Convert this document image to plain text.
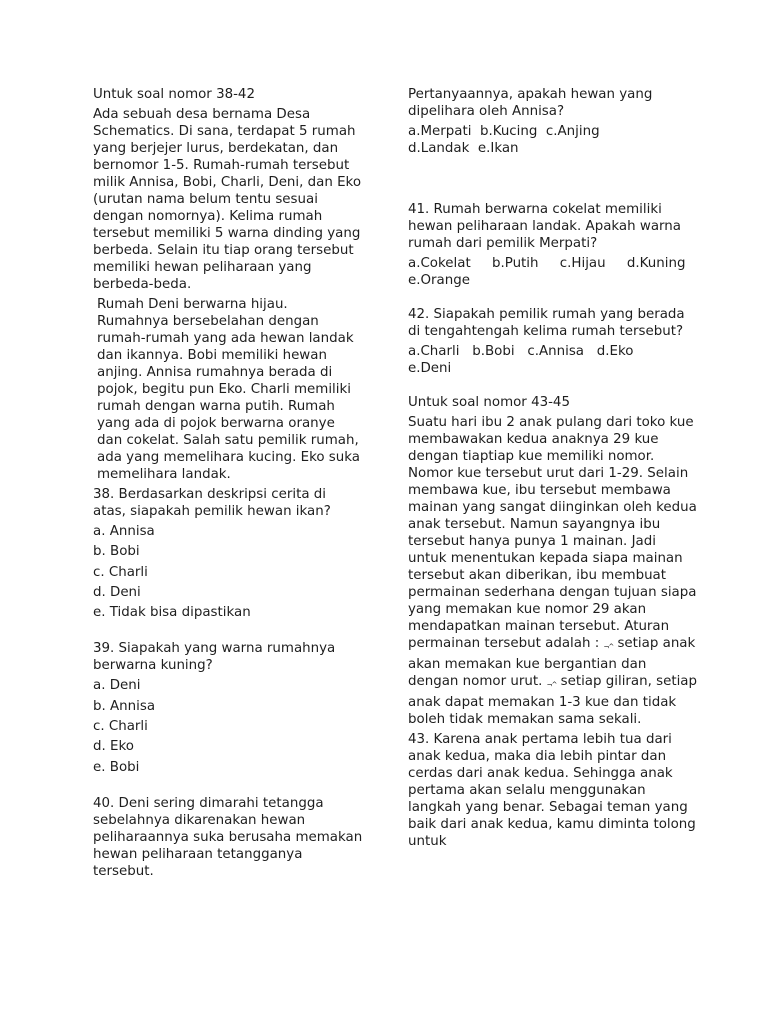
Untuk soal nomor 38-42

Ada sebuah desa bernama Desa Schematics. Di sana, terdapat 5 rumah yang berjejer lurus, berdekatan, dan bernomor 1-5. Rumah-rumah tersebut milik Annisa, Bobi, Charli, Deni, dan Eko (urutan nama belum tentu sesuai dengan nomornya). Kelima rumah tersebut memiliki 5 warna dinding yang berbeda. Selain itu tiap orang tersebut memiliki hewan peliharaan yang berbeda-beda.

Rumah Deni berwarna hijau. Rumahnya bersebelahan dengan rumah-rumah yang ada hewan landak dan ikannya. Bobi memiliki hewan anjing. Annisa rumahnya berada di pojok, begitu pun Eko. Charli memiliki rumah dengan warna putih. Rumah yang ada di pojok berwarna oranye dan cokelat. Salah satu pemilik rumah, ada yang memelihara kucing. Eko suka memelihara landak.

38. Berdasarkan deskripsi cerita di atas, siapakah pemilik hewan ikan?

a. Annisa

b. Bobi

c. Charli

d. Deni

e. Tidak bisa dipastikan

39. Siapakah yang warna rumahnya berwarna kuning?

a. Deni

b. Annisa

c. Charli

d. Eko

e. Bobi

40. Deni sering dimarahi tetangga sebelahnya dikarenakan hewan peliharaannya suka berusaha memakan hewan peliharaan tetangganya tersebut.

Pertanyaannya, apakah hewan yang dipelihara oleh Annisa?

a.Merpati  b.Kucing  c.Anjing

d.Landak  e.Ikan

41. Rumah berwarna cokelat memiliki hewan peliharaan landak. Apakah warna rumah dari pemilik Merpati?

a.Cokelat     b.Putih     c.Hijau     d.Kuning

e.Orange

42. Siapakah pemilik rumah yang berada di tengahtengah kelima rumah tersebut?

a.Charli   b.Bobi   c.Annisa   d.Eko

e.Deni

Untuk soal nomor 43-45

Suatu hari ibu 2 anak pulang dari toko kue membawakan kedua anaknya 29 kue dengan tiaptiap kue memiliki nomor. Nomor kue tersebut urut dari 1-29. Selain membawa kue, ibu tersebut membawa mainan yang sangat diinginkan oleh kedua anak tersebut. Namun sayangnya ibu tersebut hanya punya 1 mainan. Jadi untuk menentukan kepada siapa mainan tersebut akan diberikan, ibu membuat permainan sederhana dengan tujuan siapa yang memakan kue nomor 29 akan mendapatkan mainan tersebut. Aturan permainan tersebut adalah : ¬^ setiap anak akan memakan kue bergantian dan dengan nomor urut. ¬^ setiap giliran, setiap anak dapat memakan 1-3 kue dan tidak boleh tidak memakan sama sekali.

43. Karena anak pertama lebih tua dari anak kedua, maka dia lebih pintar dan cerdas dari anak kedua. Sehingga anak pertama akan selalu menggunakan langkah yang benar. Sebagai teman yang baik dari anak kedua, kamu diminta tolong untuk
